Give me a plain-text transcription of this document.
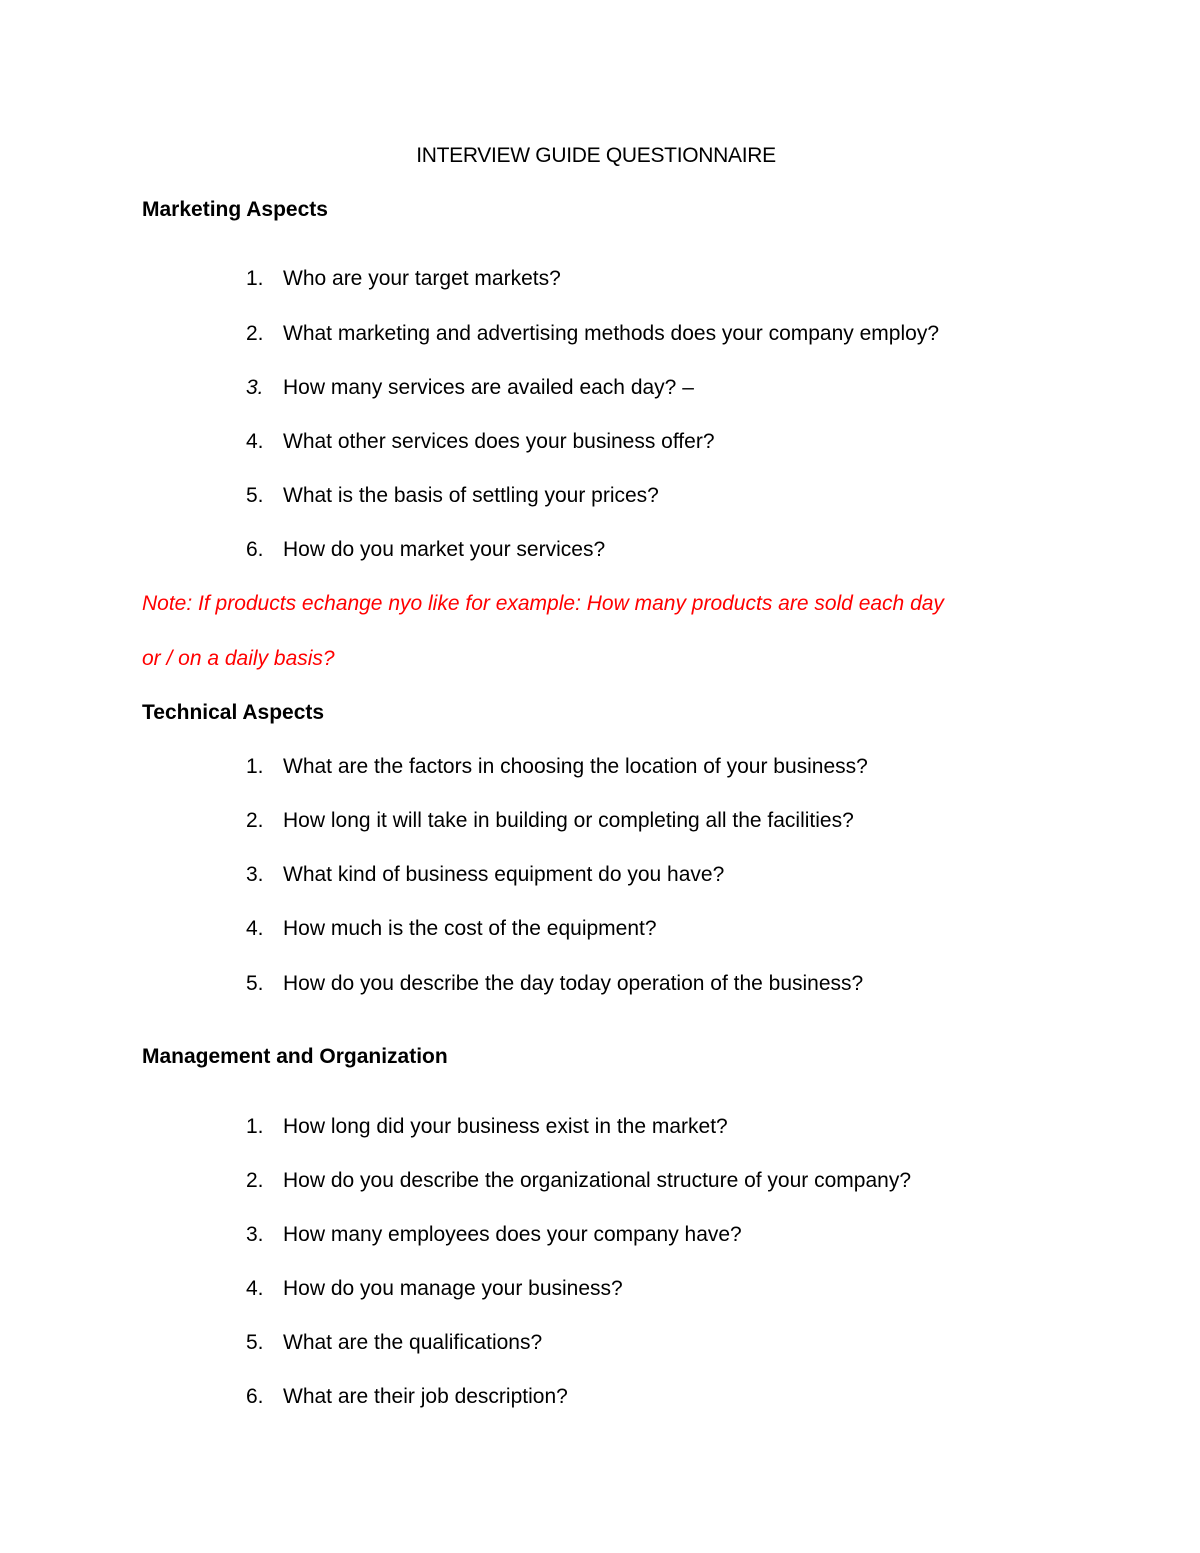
INTERVIEW GUIDE QUESTIONNAIRE
Marketing Aspects
1. Who are your target markets?
2. What marketing and advertising methods does your company employ?
3. How many services are availed each day? –
4. What other services does your business offer?
5. What is the basis of settling your prices?
6. How do you market your services?
Note: If products echange nyo like for example: How many products are sold each day
or / on a daily basis?
Technical Aspects
1. What are the factors in choosing the location of your business?
2. How long it will take in building or completing all the facilities?
3. What kind of business equipment do you have?
4. How much is the cost of the equipment?
5. How do you describe the day today operation of the business?
Management and Organization
1. How long did your business exist in the market?
2. How do you describe the organizational structure of your company?
3. How many employees does your company have?
4. How do you manage your business?
5. What are the qualifications?
6. What are their job description?
